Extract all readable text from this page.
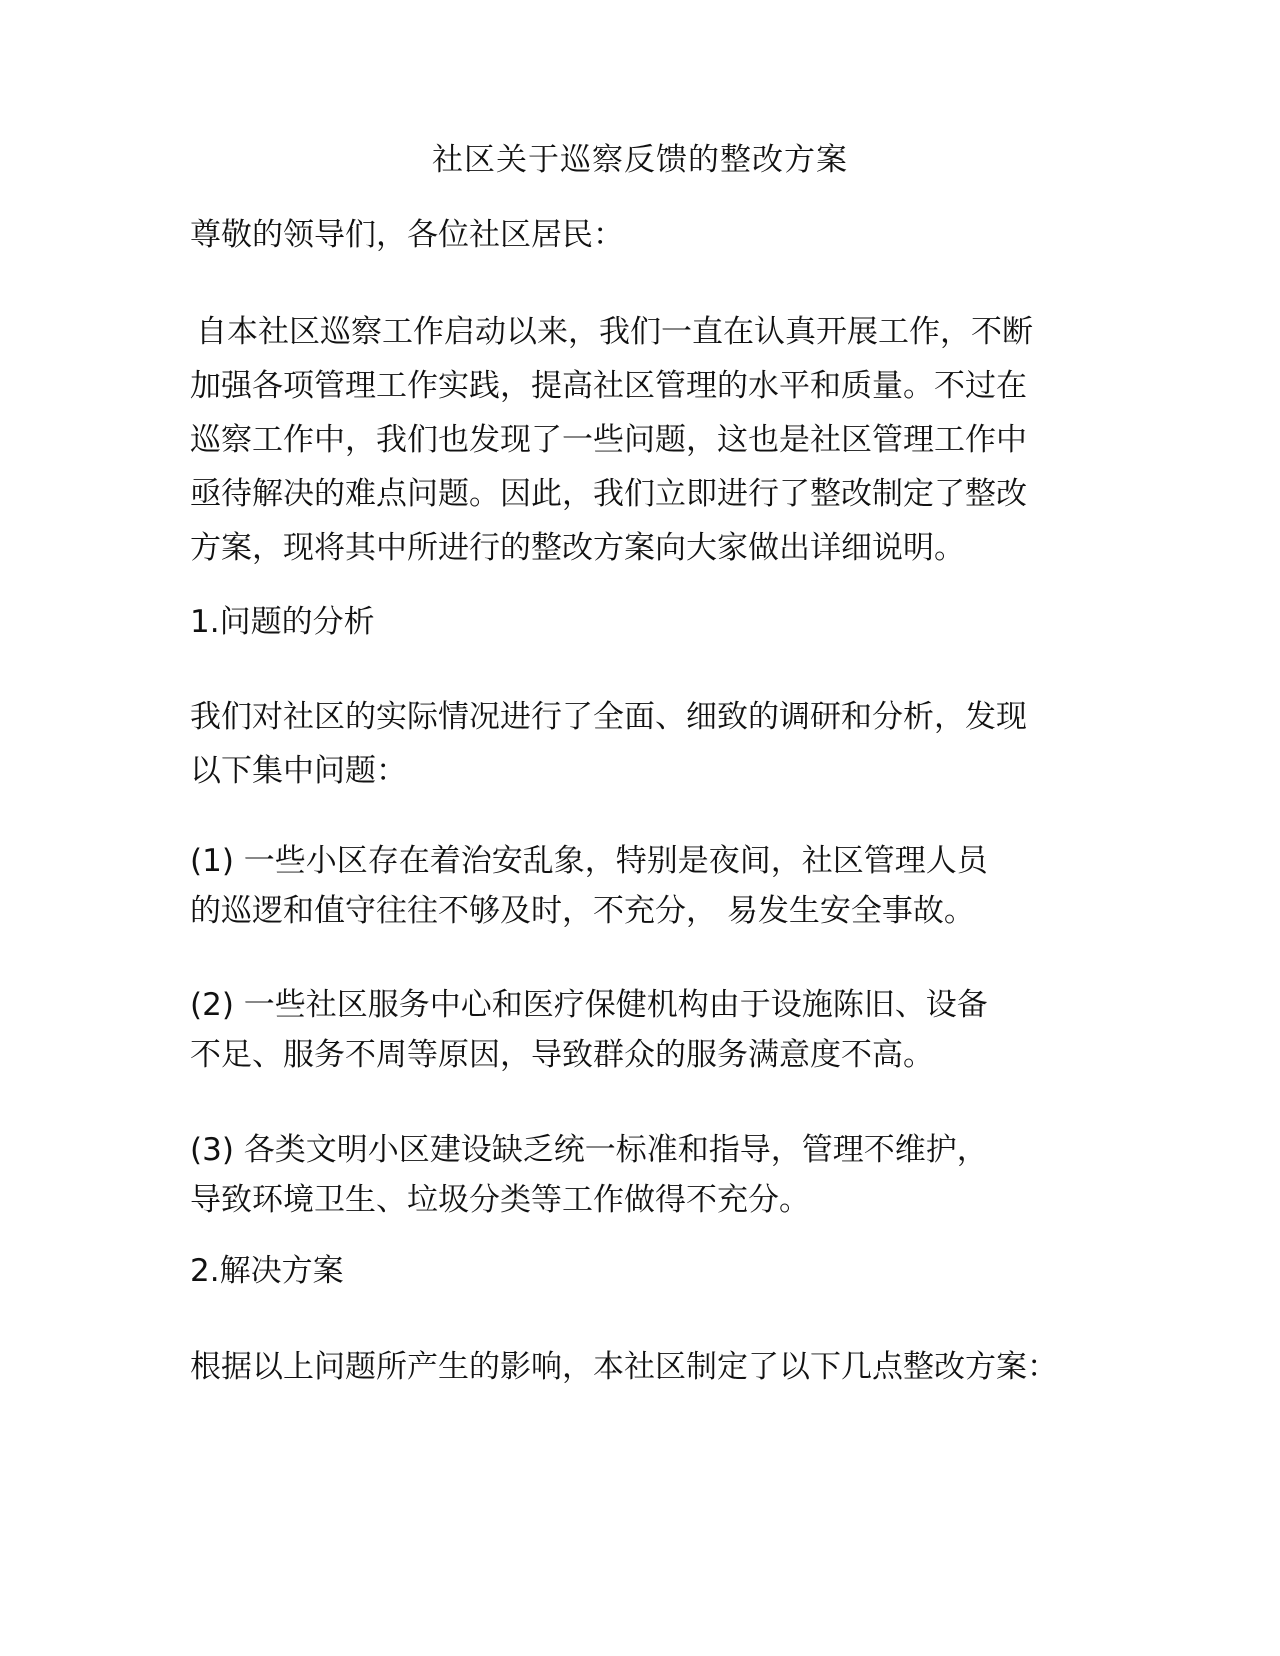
社区关于巡察反馈的整改方案
尊敬的领导们，各位社区居民：
自本社区巡察工作启动以来，我们一直在认真开展工作，不断
加强各项管理工作实践，提高社区管理的水平和质量。不过在
巡察工作中，我们也发现了一些问题，这也是社区管理工作中
亟待解决的难点问题。因此，我们立即进行了整改制定了整改
方案，现将其中所进行的整改方案向大家做出详细说明。
1.问题的分析
我们对社区的实际情况进行了全面、细致的调研和分析，发现
以下集中问题：
(1) 一些小区存在着治安乱象，特别是夜间，社区管理人员
的巡逻和值守往往不够及时，不充分， 易发生安全事故。
(2) 一些社区服务中心和医疗保健机构由于设施陈旧、设备
不足、服务不周等原因，导致群众的服务满意度不高。
(3) 各类文明小区建设缺乏统一标准和指导，管理不维护，
导致环境卫生、垃圾分类等工作做得不充分。
2.解决方案
根据以上问题所产生的影响，本社区制定了以下几点整改方案：
